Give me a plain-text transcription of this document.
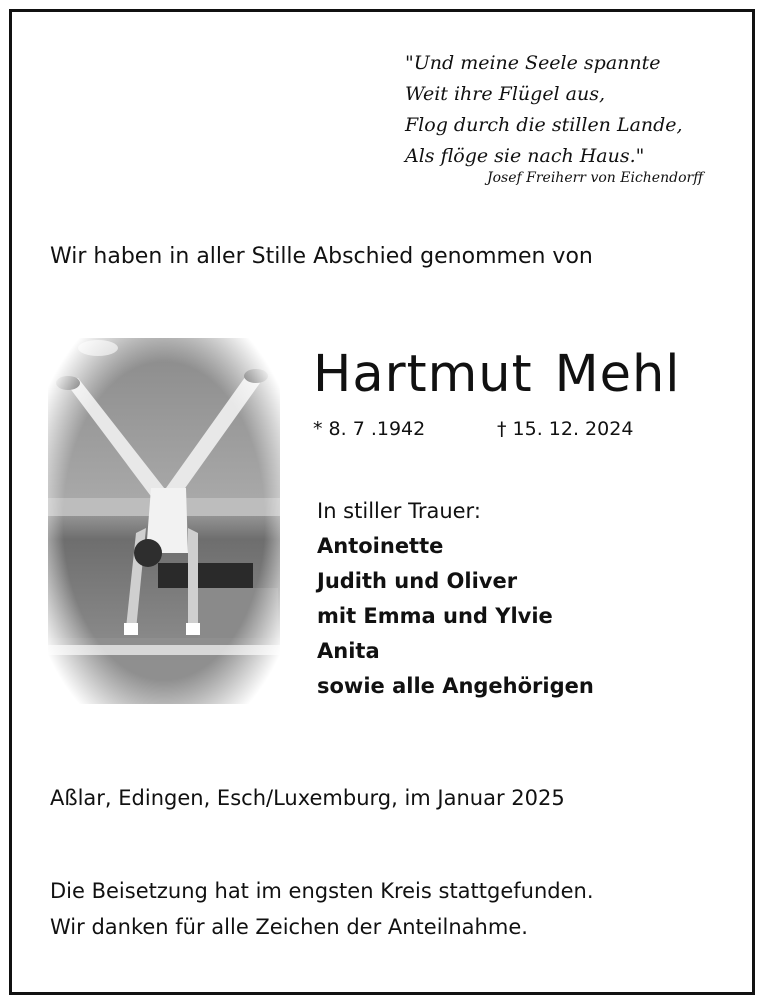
"Und meine Seele spannte
Weit ihre Flügel aus,
Flog durch die stillen Lande,
Als flöge sie nach Haus."
Josef Freiherr von Eichendorff
Wir haben in aller Stille Abschied genommen von
Hartmut Mehl
* 8. 7 .1942	† 15. 12. 2024
In stiller Trauer:
Antoinette
Judith und Oliver
mit Emma und Ylvie
Anita
sowie alle Angehörigen
Aßlar, Edingen, Esch/Luxemburg, im Januar 2025
Die Beisetzung hat im engsten Kreis stattgefunden.
Wir danken für alle Zeichen der Anteilnahme.
